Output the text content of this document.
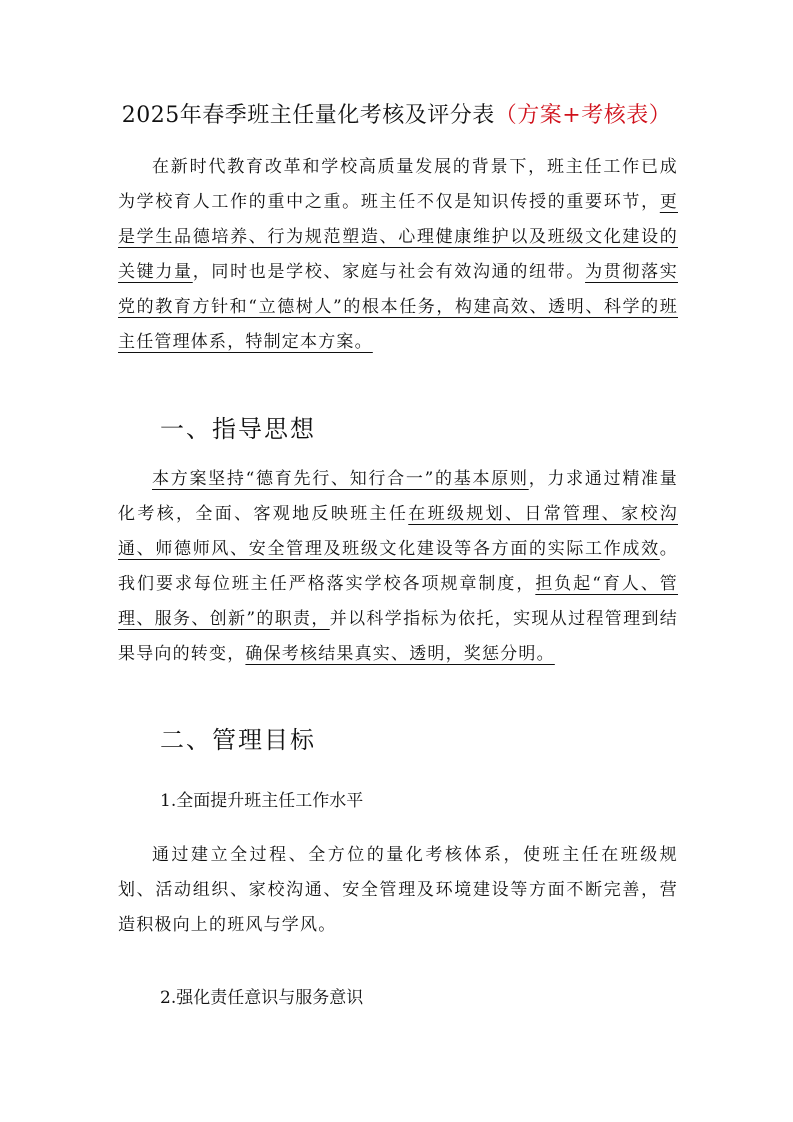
2025年春季班主任量化考核及评分表（方案+考核表）

在新时代教育改革和学校高质量发展的背景下，班主任工作已成为学校育人工作的重中之重。班主任不仅是知识传授的重要环节，更是学生品德培养、行为规范塑造、心理健康维护以及班级文化建设的关键力量，同时也是学校、家庭与社会有效沟通的纽带。为贯彻落实党的教育方针和“立德树人”的根本任务，构建高效、透明、科学的班主任管理体系，特制定本方案。

一、指导思想

本方案坚持“德育先行、知行合一”的基本原则，力求通过精准量化考核，全面、客观地反映班主任在班级规划、日常管理、家校沟通、师德师风、安全管理及班级文化建设等各方面的实际工作成效。我们要求每位班主任严格落实学校各项规章制度，担负起“育人、管理、服务、创新”的职责，并以科学指标为依托，实现从过程管理到结果导向的转变，确保考核结果真实、透明，奖惩分明。

二、管理目标
1.全面提升班主任工作水平

通过建立全过程、全方位的量化考核体系，使班主任在班级规划、活动组织、家校沟通、安全管理及环境建设等方面不断完善，营造积极向上的班风与学风。

2.强化责任意识与服务意识
